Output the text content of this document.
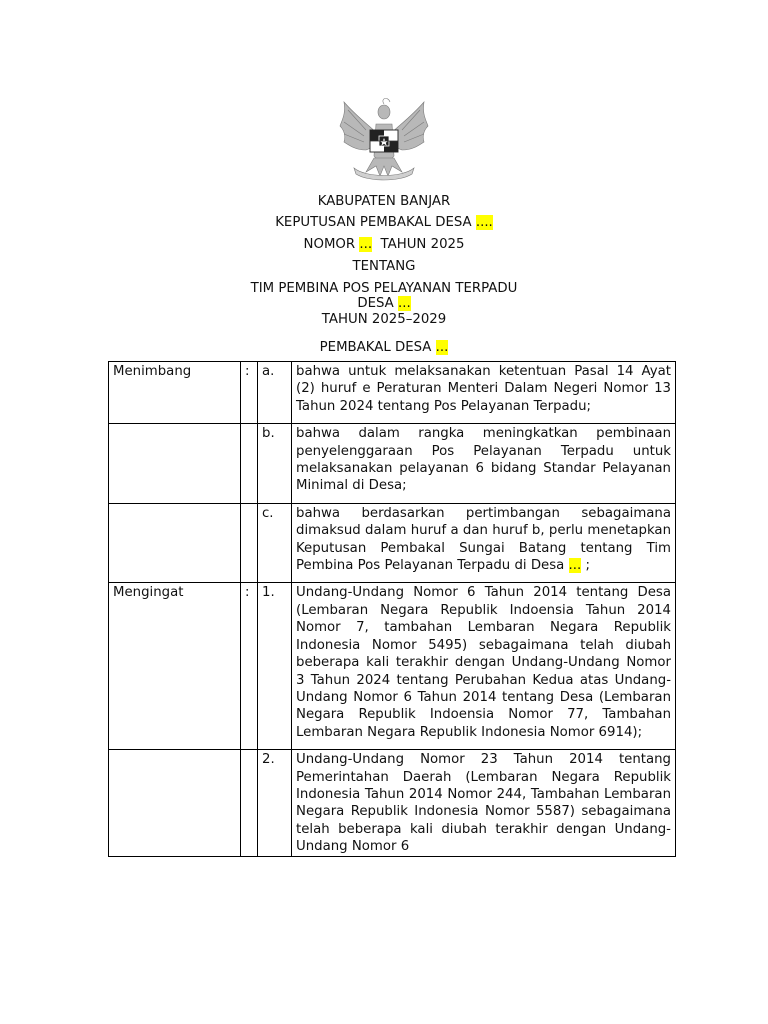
KABUPATEN BANJAR
KEPUTUSAN PEMBAKAL DESA ....
NOMOR ...  TAHUN 2025
TENTANG
TIM PEMBINA POS PELAYANAN TERPADU
DESA ...
TAHUN 2025–2029
PEMBAKAL DESA ...
Menimbang	:	a.	bahwa untuk melaksanakan ketentuan Pasal 14 Ayat (2) huruf e Peraturan Menteri Dalam Negeri Nomor 13 Tahun 2024 tentang Pos Pelayanan Terpadu;
		b.	bahwa dalam rangka meningkatkan pembinaan penyelenggaraan Pos Pelayanan Terpadu untuk melaksanakan pelayanan 6 bidang Standar Pelayanan Minimal di Desa;
		c.	bahwa berdasarkan pertimbangan sebagaimana dimaksud dalam huruf a dan huruf b, perlu menetapkan Keputusan Pembakal Sungai Batang tentang Tim Pembina Pos Pelayanan Terpadu di Desa ... ;
Mengingat	:	1.	Undang-Undang Nomor 6 Tahun 2014 tentang Desa (Lembaran Negara Republik Indoensia Tahun 2014 Nomor 7, tambahan Lembaran Negara Republik Indonesia Nomor 5495) sebagaimana telah diubah beberapa kali terakhir dengan Undang-Undang Nomor 3 Tahun 2024 tentang Perubahan Kedua atas Undang-Undang Nomor 6 Tahun 2014 tentang Desa (Lembaran Negara Republik Indoensia Nomor 77, Tambahan Lembaran Negara Republik Indonesia Nomor 6914);
		2.	Undang-Undang Nomor 23 Tahun 2014 tentang Pemerintahan Daerah (Lembaran Negara Republik Indonesia Tahun 2014 Nomor 244, Tambahan Lembaran Negara Republik Indonesia Nomor 5587) sebagaimana telah beberapa kali diubah terakhir dengan Undang-Undang Nomor 6
